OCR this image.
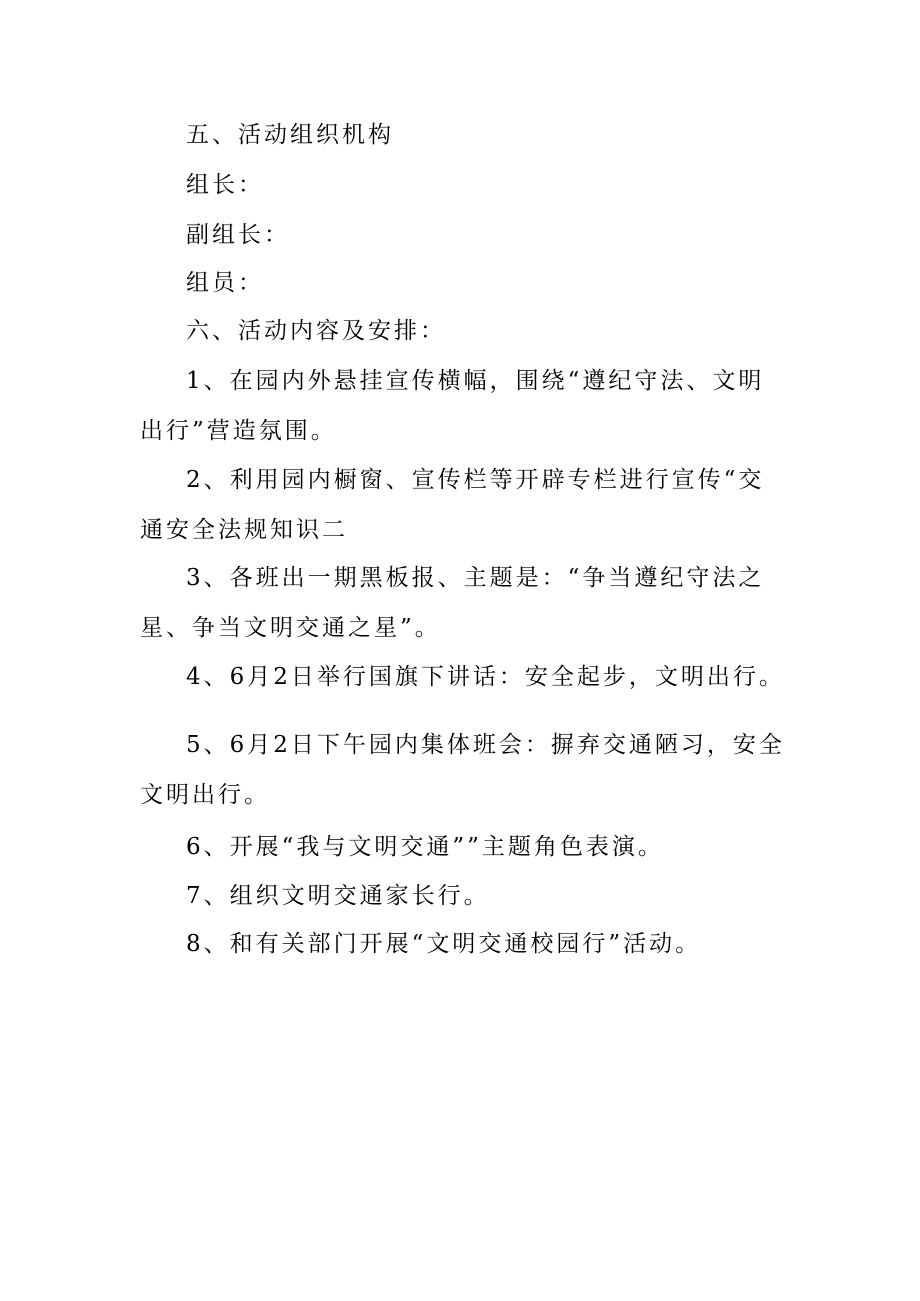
五、活动组织机构

组长：

副组长：

组员：

六、活动内容及安排：

1、在园内外悬挂宣传横幅，围绕“遵纪守法、文明出行”营造氛围。

2、利用园内橱窗、宣传栏等开辟专栏进行宣传“交通安全法规知识二

3、各班出一期黑板报、主题是：“争当遵纪守法之星、争当文明交通之星”。

4、6月2日举行国旗下讲话：安全起步，文明出行。

5、6月2日下午园内集体班会：摒弃交通陋习，安全文明出行。

6、开展“我与文明交通””主题角色表演。

7、组织文明交通家长行。

8、和有关部门开展“文明交通校园行”活动。
